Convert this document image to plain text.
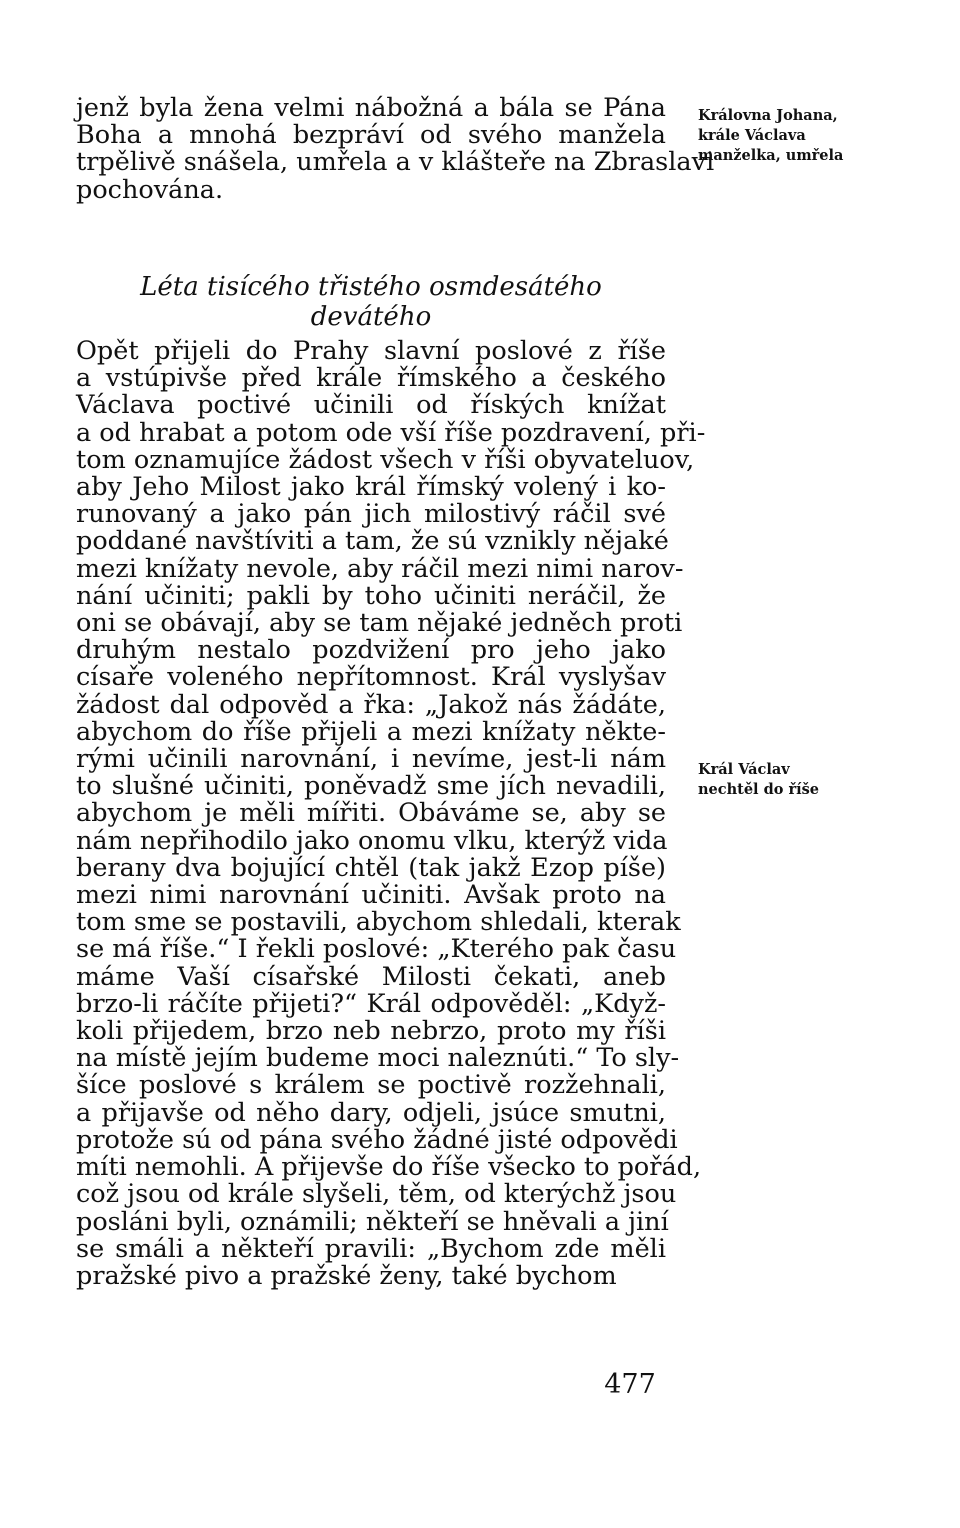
jenž byla žena velmi nábožná a bála se Pána
Boha a mnohá bezpráví od svého manžela
trpělivě snášela, umřela a v klášteře na Zbraslavi
pochována.
Léta tisícého třistého osmdesátého devátého
Opět přijeli do Prahy slavní poslové z říše
a vstúpivše před krále římského a českého
Václava poctivé učinili od říských knížat
a od hrabat a potom ode vší říše pozdravení, při-
tom oznamujíce žádost všech v říši obyvateluov,
aby Jeho Milost jako král římský volený i ko-
runovaný a jako pán jich milostivý ráčil své
poddané navštíviti a tam, že sú vznikly nějaké
mezi knížaty nevole, aby ráčil mezi nimi narov-
nání učiniti; pakli by toho učiniti neráčil, že
oni se obávají, aby se tam nějaké jedněch proti
druhým nestalo pozdvižení pro jeho jako
císaře voleného nepřítomnost. Král vyslyšav
žádost dal odpověd a řka: „Jakož nás žádáte,
abychom do říše přijeli a mezi knížaty někte-
rými učinili narovnání, i nevíme, jest-li nám
to slušné učiniti, poněvadž sme jích nevadili,
abychom je měli mířiti. Obáváme se, aby se
nám nepřihodilo jako onomu vlku, kterýž vida
berany dva bojující chtěl (tak jakž Ezop píše)
mezi nimi narovnání učiniti. Avšak proto na
tom sme se postavili, abychom shledali, kterak
se má říše.“ I řekli poslové: „Kterého pak času
máme Vaší císařské Milosti čekati, aneb
brzo-li ráčíte přijeti?“ Král odpověděl: „Když-
koli přijedem, brzo neb nebrzo, proto my říši
na místě jejím budeme moci naleznúti.“ To sly-
šíce poslové s králem se poctivě rozžehnali,
a přijavše od něho dary, odjeli, jsúce smutni,
protože sú od pána svého žádné jisté odpovědi
míti nemohli. A přijevše do říše všecko to pořád,
což jsou od krále slyšeli, těm, od kterýchž jsou
posláni byli, oznámili; někteří se hněvali a jiní
se smáli a někteří pravili: „Bychom zde měli
pražské pivo a pražské ženy, také bychom
Královna Johana,
krále Václava
manželka, umřela
Král Václav
nechtěl do říše
477
